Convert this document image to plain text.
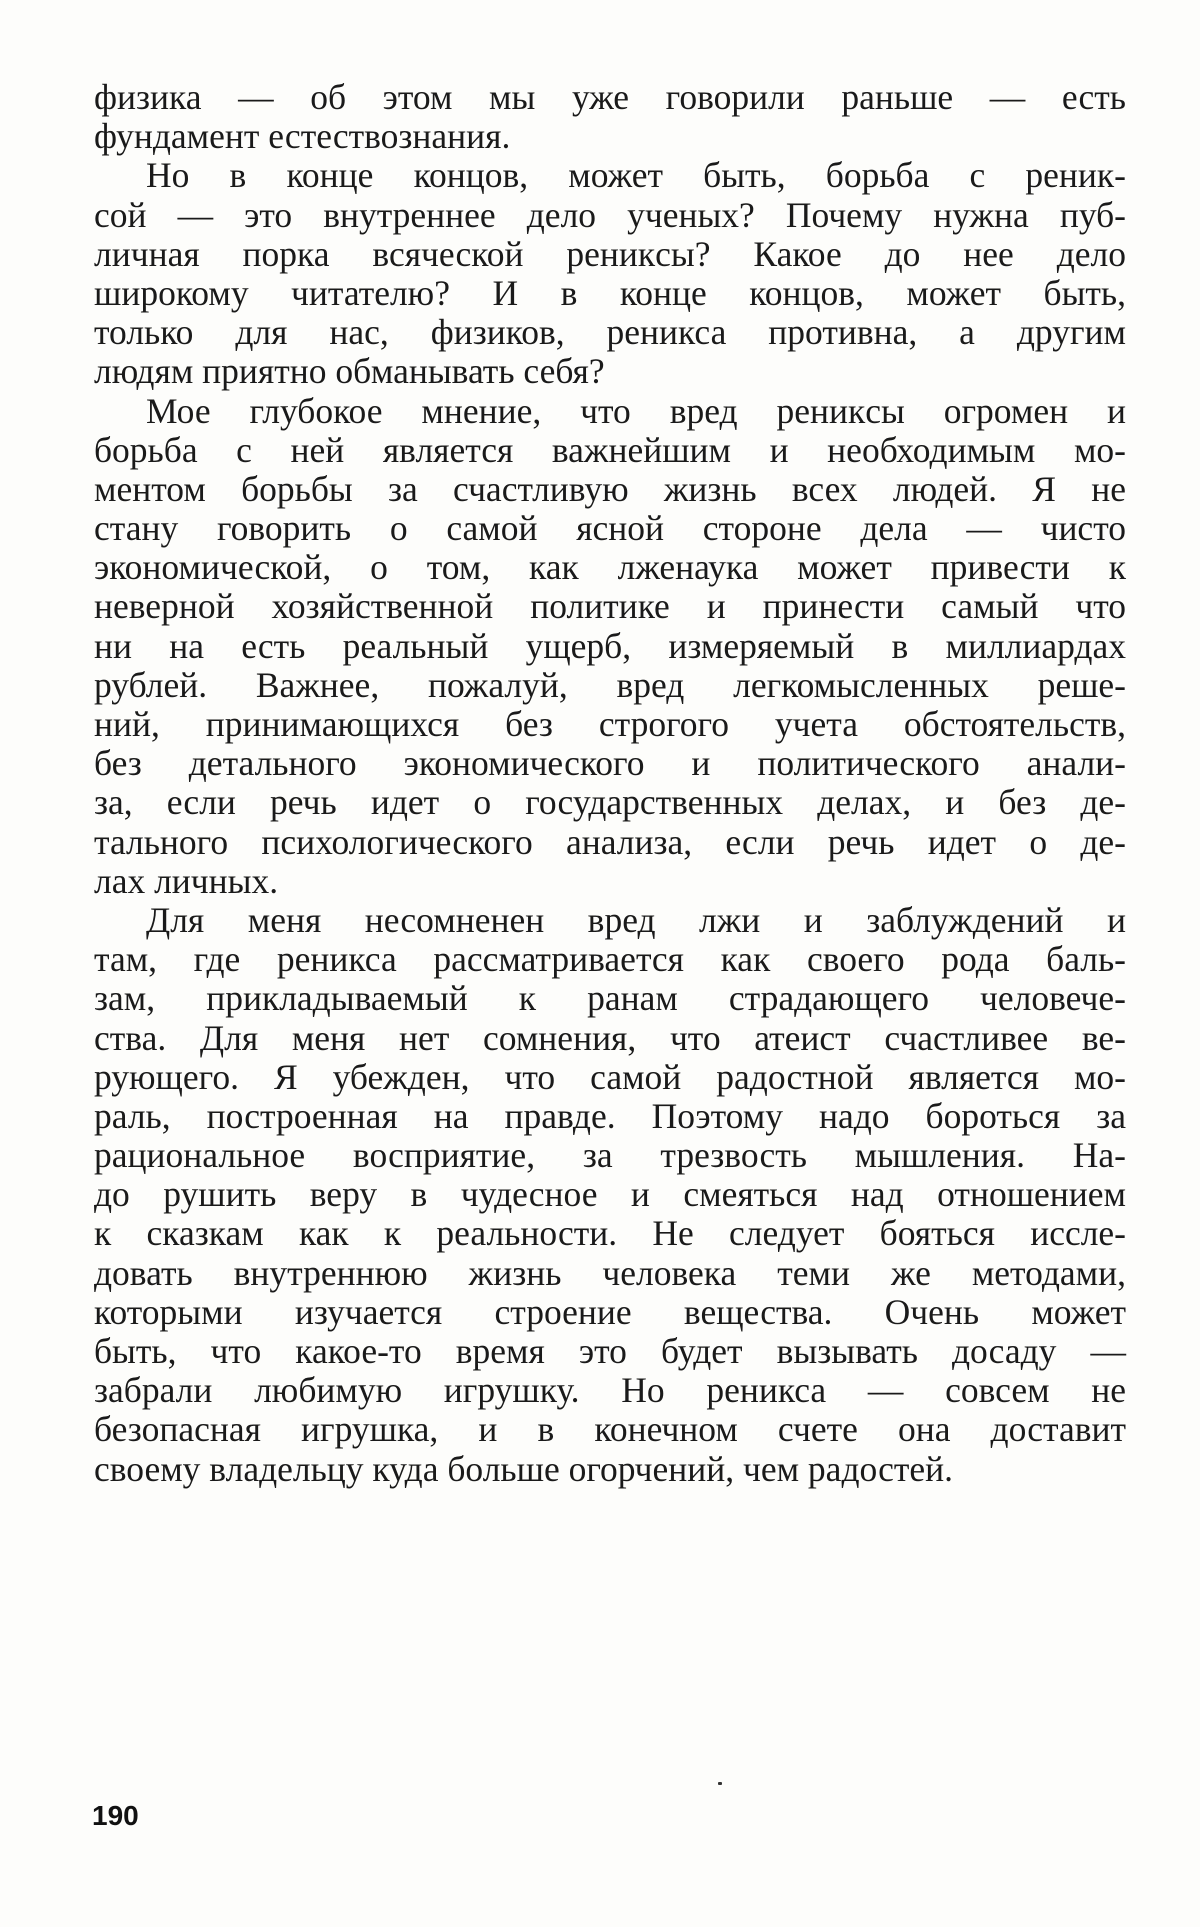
физика — об этом мы уже говорили раньше — есть
фундамент естествознания.
Но в конце концов, может быть, борьба с реник-
сой — это внутреннее дело ученых? Почему нужна пуб-
личная порка всяческой реникcы? Какое до нее дело
широкому читателю? И в конце концов, может быть,
только для нас, физиков, реникса противна, а другим
людям приятно обманывать себя?
Мое глубокое мнение, что вред реникcы огромен и
борьба с ней является важнейшим и необходимым мо-
ментом борьбы за счастливую жизнь всех людей. Я не
стану говорить о самой ясной стороне дела — чисто
экономической, о том, как лженаука может привести к
неверной хозяйственной политике и принести самый что
ни на есть реальный ущерб, измеряемый в миллиардах
рублей. Важнее, пожалуй, вред легкомысленных реше-
ний, принимающихся без строгого учета обстоятельств,
без детального экономического и политического анали-
за, если речь идет о государственных делах, и без де-
тального психологического анализа, если речь идет о де-
лах личных.
Для меня несомненен вред лжи и заблуждений и
там, где реникса рассматривается как своего рода баль-
зам, прикладываемый к ранам страдающего человече-
ства. Для меня нет сомнения, что атеист счастливее ве-
рующего. Я убежден, что самой радостной является мо-
раль, построенная на правде. Поэтому надо бороться за
рациональное восприятие, за трезвость мышления. На-
до рушить веру в чудесное и смеяться над отношением
к сказкам как к реальности. Не следует бояться иссле-
довать внутреннюю жизнь человека теми же методами,
которыми изучается строение вещества. Очень может
быть, что какое-то время это будет вызывать досаду —
забрали любимую игрушку. Но реникса — совсем не
безопасная игрушка, и в конечном счете она доставит
своему владельцу куда больше огорчений, чем радостей.
190
